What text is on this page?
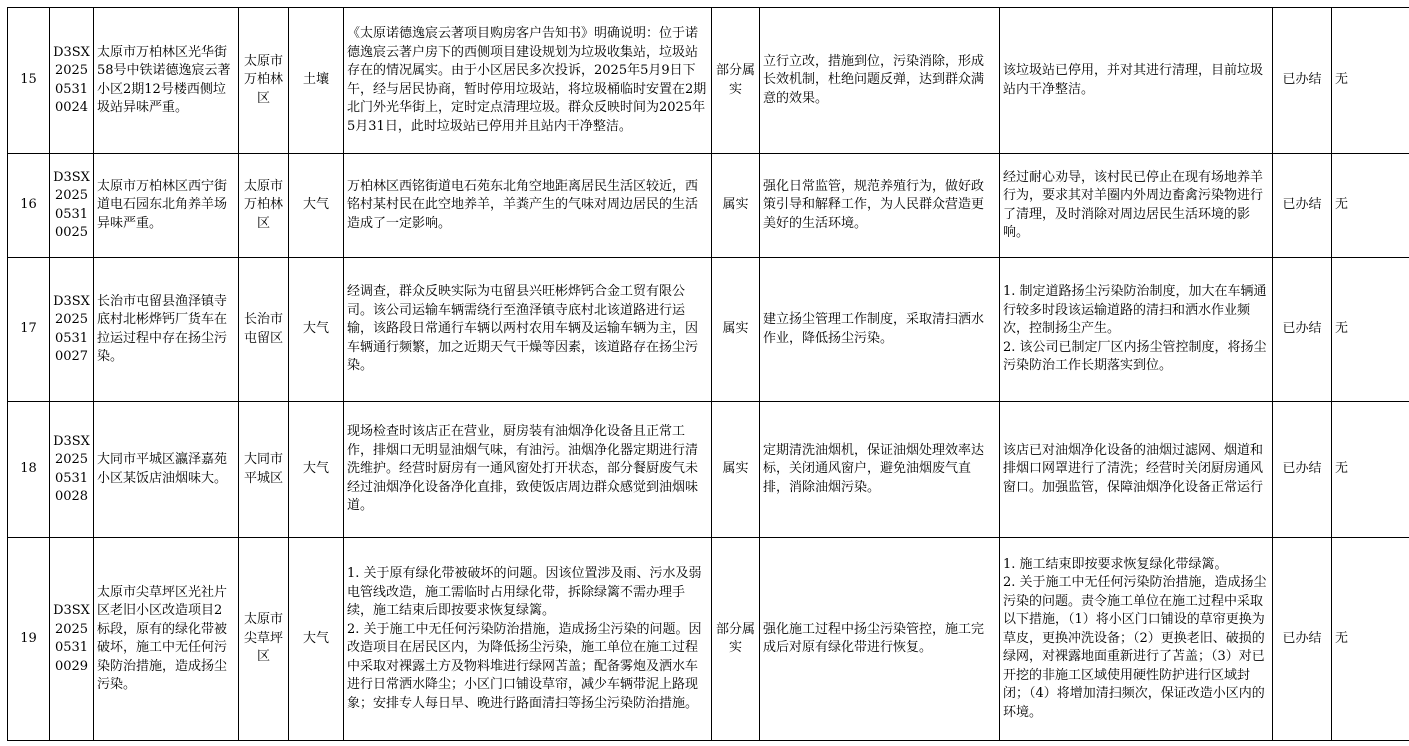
15	D3SX202505310024	太原市万柏林区光华街58号中铁诺德逸宸云著小区2期12号楼西侧垃圾站异味严重。	太原市万柏林区	土壤	《太原诺德逸宸云著项目购房客户告知书》明确说明：位于诺德逸宸云著户房下的西侧项目建设规划为垃圾收集站，垃圾站存在的情况属实。由于小区居民多次投诉，2025年5月9日下午，经与居民协商，暂时停用垃圾站，将垃圾桶临时安置在2期北门外光华街上，定时定点清理垃圾。群众反映时间为2025年5月31日，此时垃圾站已停用并且站内干净整洁。	部分属实	立行立改，措施到位，污染消除，形成长效机制，杜绝问题反弹，达到群众满意的效果。	该垃圾站已停用，并对其进行清理，目前垃圾站内干净整洁。	已办结	无
16	D3SX202505310025	太原市万柏林区西宁街道电石园东北角养羊场异味严重。	太原市万柏林区	大气	万柏林区西铭街道电石苑东北角空地距离居民生活区较近，西铭村某村民在此空地养羊，羊粪产生的气味对周边居民的生活造成了一定影响。	属实	强化日常监管，规范养殖行为，做好政策引导和解释工作，为人民群众营造更美好的生活环境。	经过耐心劝导，该村民已停止在现有场地养羊行为，要求其对羊圈内外周边畜禽污染物进行了清理，及时消除对周边居民生活环境的影响。	已办结	无
17	D3SX202505310027	长治市屯留县渔泽镇寺底村北彬烨钙厂货车在拉运过程中存在扬尘污染。	长治市屯留区	大气	经调查，群众反映实际为屯留县兴旺彬烨钙合金工贸有限公司。该公司运输车辆需绕行至渔泽镇寺底村北该道路进行运输，该路段日常通行车辆以两村农用车辆及运输车辆为主，因车辆通行频繁，加之近期天气干燥等因素，该道路存在扬尘污染。	属实	建立扬尘管理工作制度，采取清扫洒水作业，降低扬尘污染。	1. 制定道路扬尘污染防治制度，加大在车辆通行较多时段该运输道路的清扫和洒水作业频次，控制扬尘产生。
2. 该公司已制定厂区内扬尘管控制度，将扬尘污染防治工作长期落实到位。	已办结	无
18	D3SX202505310028	大同市平城区瀛泽嘉苑小区某饭店油烟味大。	大同市平城区	大气	现场检查时该店正在营业，厨房装有油烟净化设备且正常工作，排烟口无明显油烟气味，有油污。油烟净化器定期进行清洗维护。经营时厨房有一通风窗处打开状态，部分餐厨废气未经过油烟净化设备净化直排，致使饭店周边群众感觉到油烟味道。	属实	定期清洗油烟机，保证油烟处理效率达标，关闭通风窗户，避免油烟废气直排，消除油烟污染。	该店已对油烟净化设备的油烟过滤网、烟道和排烟口网罩进行了清洗；经营时关闭厨房通风窗口。加强监管，保障油烟净化设备正常运行	已办结	无
19	D3SX202505310029	太原市尖草坪区光社片区老旧小区改造项目2标段，原有的绿化带被破坏，施工中无任何污染防治措施，造成扬尘污染。	太原市尖草坪区	大气	1. 关于原有绿化带被破坏的问题。因该位置涉及雨、污水及弱电管线改造，施工需临时占用绿化带，拆除绿篱不需办理手续，施工结束后即按要求恢复绿篱。
2. 关于施工中无任何污染防治措施，造成扬尘污染的问题。因改造项目在居民区内，为降低扬尘污染，施工单位在施工过程中采取对裸露土方及物料堆进行绿网苫盖；配备雾炮及洒水车进行日常洒水降尘；小区门口铺设草帘，减少车辆带泥上路现象；安排专人每日早、晚进行路面清扫等扬尘污染防治措施。	部分属实	强化施工过程中扬尘污染管控，施工完成后对原有绿化带进行恢复。	1. 施工结束即按要求恢复绿化带绿篱。
2. 关于施工中无任何污染防治措施，造成扬尘污染的问题。责令施工单位在施工过程中采取以下措施，（1）将小区门口铺设的草帘更换为草皮，更换冲洗设备；（2）更换老旧、破损的绿网，对裸露地面重新进行了苫盖；（3）对已开挖的非施工区域使用硬性防护进行区域封闭；（4）将增加清扫频次，保证改造小区内的环境。	已办结	无
